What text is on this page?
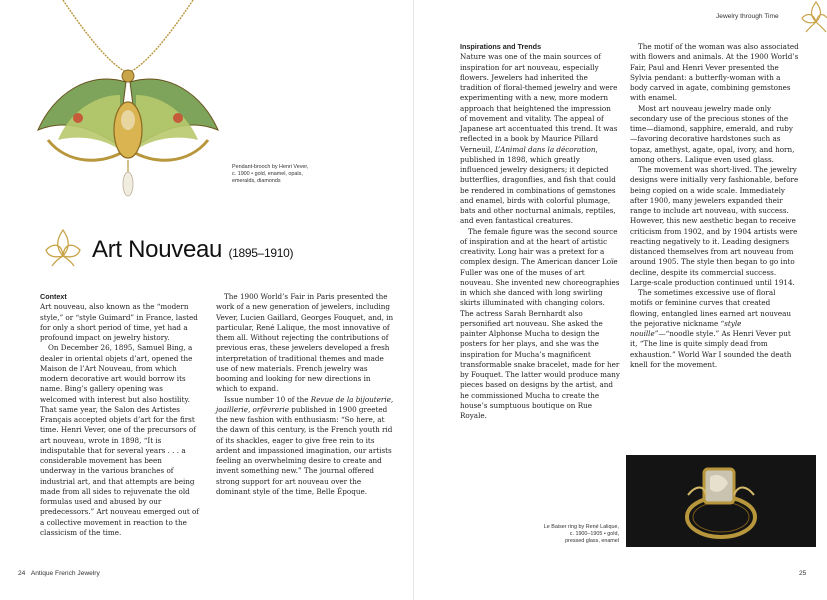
Pendant-brooch by Henri Vever,
c. 1900 • gold, enamel, opals,
emeralds, diamonds
Art Nouveau (1895–1910)
Context

Art nouveau, also known as the “modern style,” or “style Guimard” in France, lasted for only a short period of time, yet had a profound impact on jewelry history.

On December 26, 1895, Samuel Bing, a dealer in oriental objets d’art, opened the Maison de l’Art Nouveau, from which modern decorative art would borrow its name. Bing’s gallery opening was welcomed with interest but also hostility. That same year, the Salon des Artistes Français accepted objets d’art for the first time. Henri Vever, one of the precursors of art nouveau, wrote in 1898, “It is indisputable that for several years . . . a considerable movement has been underway in the various branches of industrial art, and that attempts are being made from all sides to rejuvenate the old formulas used and abused by our predecessors.” Art nouveau emerged out of a collective movement in reaction to the classicism of the time.

The 1900 World’s Fair in Paris presented the work of a new generation of jewelers, including Vever, Lucien Gaillard, Georges Fouquet, and, in particular, René Lalique, the most innovative of them all. Without rejecting the contributions of previous eras, these jewelers developed a fresh interpretation of traditional themes and made use of new materials. French jewelry was booming and looking for new directions in which to expand.

Issue number 10 of the Revue de la bijouterie, joaillerie, orfèvrerie published in 1900 greeted the new fashion with enthusiasm: “So here, at the dawn of this century, is the French youth rid of its shackles, eager to give free rein to its ardent and impassioned imagination, our artists feeling an overwhelming desire to create and invent something new.” The journal offered strong support for art nouveau over the dominant style of the time, Belle Époque.

24 Antique French Jewelry
Jewelry through Time
Inspirations and Trends

Nature was one of the main sources of inspiration for art nouveau, especially flowers. Jewelers had inherited the tradition of floral-themed jewelry and were experimenting with a new, more modern approach that heightened the impression of movement and vitality. The appeal of Japanese art accentuated this trend. It was reflected in a book by Maurice Pillard Verneuil, L’Animal dans la décoration, published in 1898, which greatly influenced jewelry designers; it depicted butterflies, dragonflies, and fish that could be rendered in combinations of gemstones and enamel, birds with colorful plumage, bats and other nocturnal animals, reptiles, and even fantastical creatures.

The female figure was the second source of inspiration and at the heart of artistic creativity. Long hair was a pretext for a complex design. The American dancer Loïe Fuller was one of the muses of art nouveau. She invented new choreographies in which she danced with long swirling skirts illuminated with changing colors. The actress Sarah Bernhardt also personified art nouveau. She asked the painter Alphonse Mucha to design the posters for her plays, and she was the inspiration for Mucha’s magnificent transformable snake bracelet, made for her by Fouquet. The latter would produce many pieces based on designs by the artist, and he commissioned Mucha to create the house’s sumptuous boutique on Rue Royale.

The motif of the woman was also associated with flowers and animals. At the 1900 World’s Fair, Paul and Henri Vever presented the Sylvia pendant: a butterfly-woman with a body carved in agate, combining gemstones with enamel.

Most art nouveau jewelry made only secondary use of the precious stones of the time—diamond, sapphire, emerald, and ruby—favoring decorative hardstones such as topaz, amethyst, agate, opal, ivory, and horn, among others. Lalique even used glass.

The movement was short-lived. The jewelry designs were initially very fashionable, before being copied on a wide scale. Immediately after 1900, many jewelers expanded their range to include art nouveau, with success. However, this new aesthetic began to receive criticism from 1902, and by 1904 artists were reacting negatively to it. Leading designers distanced themselves from art nouveau from around 1905. The style then began to go into decline, despite its commercial success. Large-scale production continued until 1914.

The sometimes excessive use of floral motifs or feminine curves that created flowing, entangled lines earned art nouveau the pejorative nickname “style nouille”—“noodle style.” As Henri Vever put it, “The line is quite simply dead from exhaustion.” World War I sounded the death knell for the movement.

Le Baiser ring by René Lalique,
c. 1900–1905 • gold,
pressed glass, enamel
25
